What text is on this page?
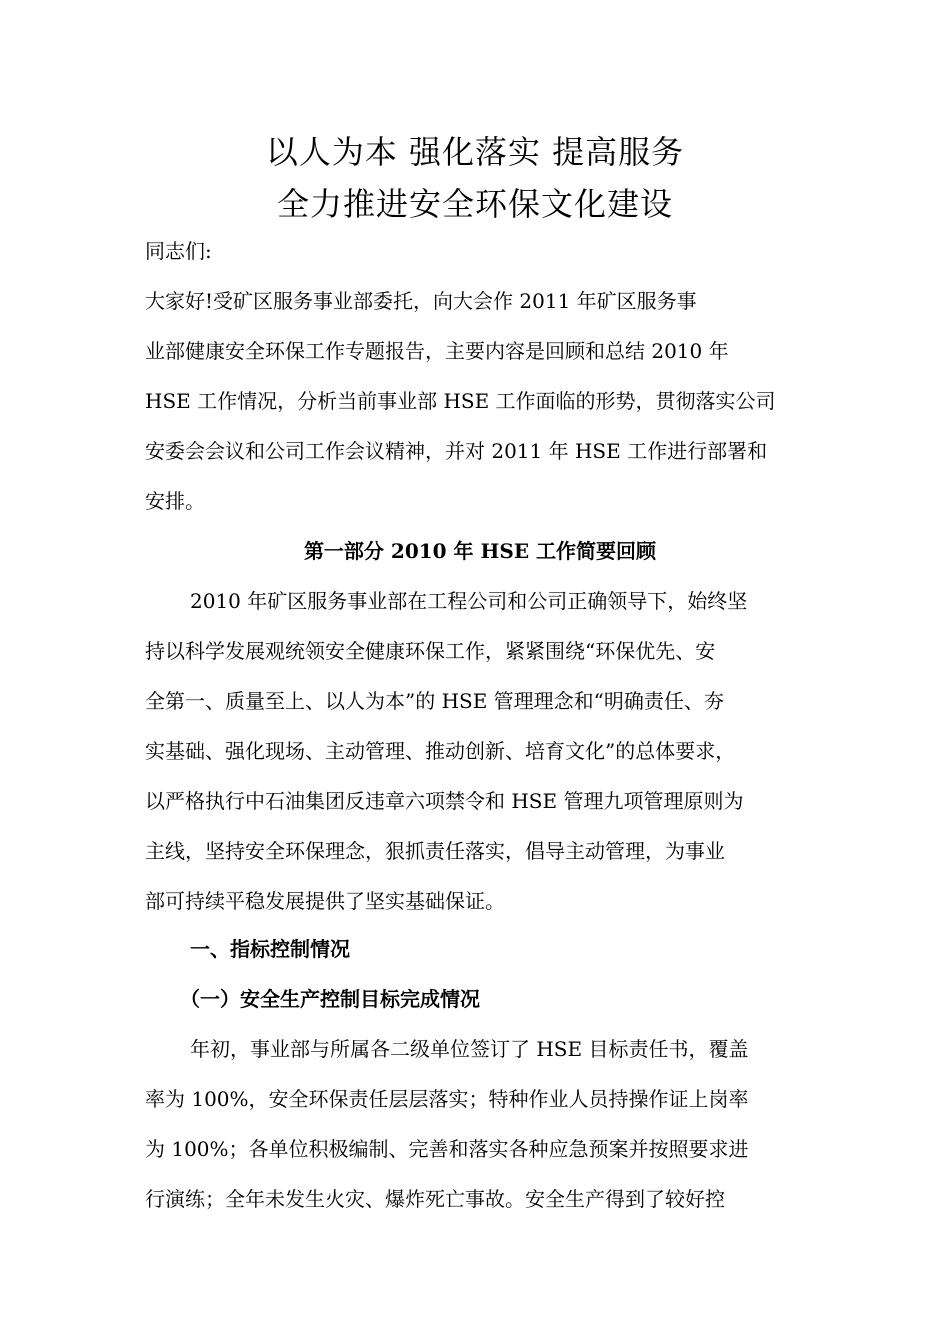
以人为本 强化落实 提高服务
全力推进安全环保文化建设
同志们:
大家好!受矿区服务事业部委托，向大会作 2011 年矿区服务事
业部健康安全环保工作专题报告，主要内容是回顾和总结 2010 年
HSE 工作情况，分析当前事业部 HSE 工作面临的形势，贯彻落实公司
安委会会议和公司工作会议精神，并对 2011 年 HSE 工作进行部署和
安排。
第一部分 2010 年 HSE 工作简要回顾
2010 年矿区服务事业部在工程公司和公司正确领导下，始终坚
持以科学发展观统领安全健康环保工作，紧紧围绕“环保优先、安
全第一、质量至上、以人为本”的 HSE 管理理念和“明确责任、夯
实基础、强化现场、主动管理、推动创新、培育文化”的总体要求，
以严格执行中石油集团反违章六项禁令和 HSE 管理九项管理原则为
主线，坚持安全环保理念，狠抓责任落实，倡导主动管理，为事业
部可持续平稳发展提供了坚实基础保证。
一、指标控制情况
（一）安全生产控制目标完成情况
年初，事业部与所属各二级单位签订了 HSE 目标责任书，覆盖
率为 100%，安全环保责任层层落实；特种作业人员持操作证上岗率
为 100%；各单位积极编制、完善和落实各种应急预案并按照要求进
行演练；全年未发生火灾、爆炸死亡事故。安全生产得到了较好控
